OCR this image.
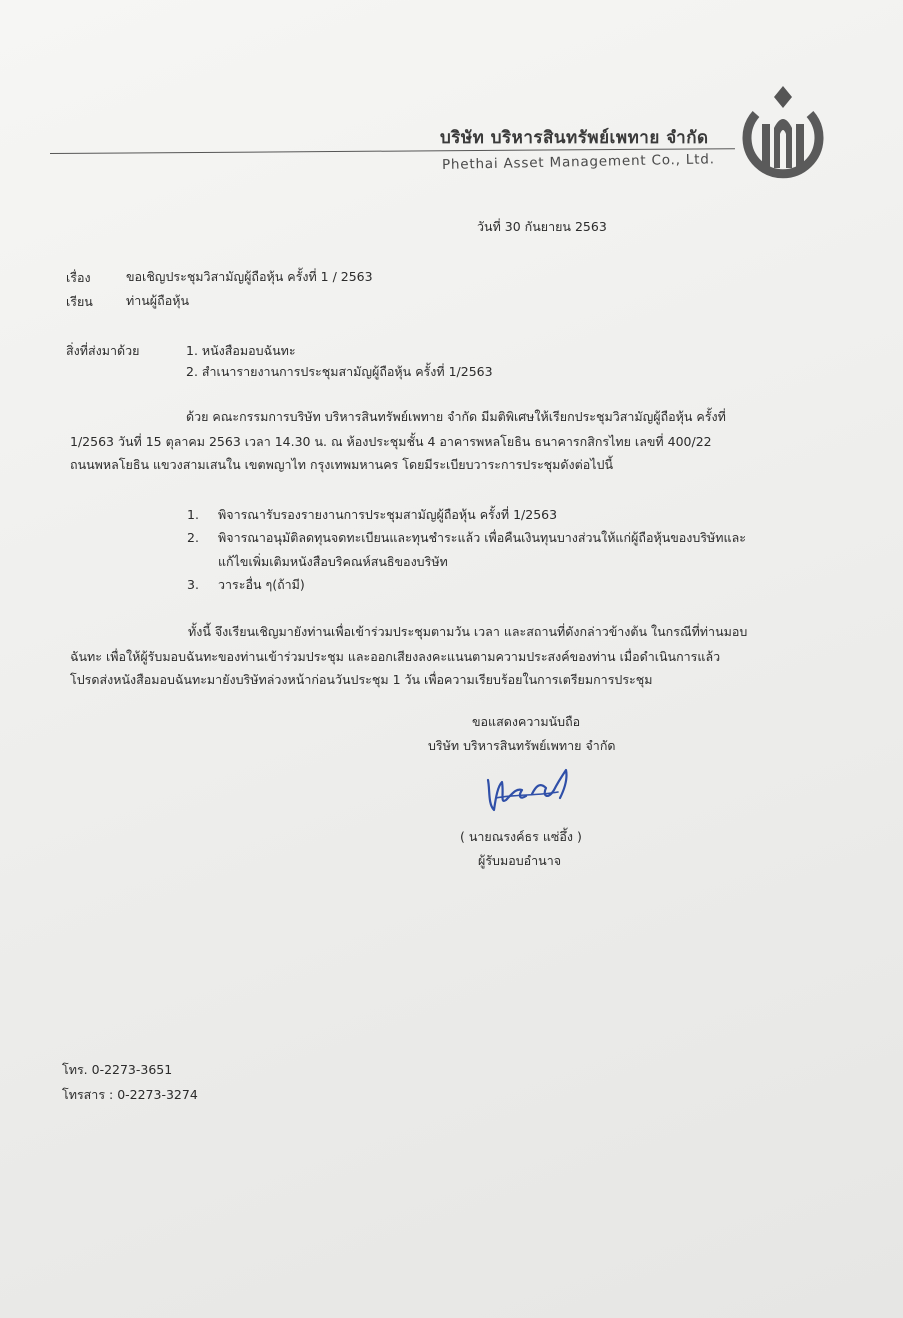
บริษัท บริหารสินทรัพย์เพทาย จำกัด
Phethai Asset Management Co., Ltd.
วันที่ 30 กันยายน 2563
เรื่อง	ขอเชิญประชุมวิสามัญผู้ถือหุ้น ครั้งที่ 1 / 2563
เรียน	ท่านผู้ถือหุ้น
สิ่งที่ส่งมาด้วย	1. หนังสือมอบฉันทะ
2. สำเนารายงานการประชุมสามัญผู้ถือหุ้น ครั้งที่ 1/2563
ด้วย คณะกรรมการบริษัท บริหารสินทรัพย์เพทาย จำกัด มีมติพิเศษให้เรียกประชุมวิสามัญผู้ถือหุ้น ครั้งที่
1/2563 วันที่ 15 ตุลาคม 2563 เวลา 14.30 น. ณ ห้องประชุมชั้น 4 อาคารพหลโยธิน ธนาคารกสิกรไทย เลขที่ 400/22
ถนนพหลโยธิน แขวงสามเสนใน เขตพญาไท กรุงเทพมหานคร โดยมีระเบียบวาระการประชุมดังต่อไปนี้
1. พิจารณารับรองรายงานการประชุมสามัญผู้ถือหุ้น ครั้งที่ 1/2563
2. พิจารณาอนุมัติลดทุนจดทะเบียนและทุนชำระแล้ว เพื่อคืนเงินทุนบางส่วนให้แก่ผู้ถือหุ้นของบริษัทและ
แก้ไขเพิ่มเติมหนังสือบริคณห์สนธิของบริษัท
3. วาระอื่น ๆ(ถ้ามี)
ทั้งนี้ จึงเรียนเชิญมายังท่านเพื่อเข้าร่วมประชุมตามวัน เวลา และสถานที่ดังกล่าวข้างต้น ในกรณีที่ท่านมอบ
ฉันทะ เพื่อให้ผู้รับมอบฉันทะของท่านเข้าร่วมประชุม และออกเสียงลงคะแนนตามความประสงค์ของท่าน เมื่อดำเนินการแล้ว
โปรดส่งหนังสือมอบฉันทะมายังบริษัทล่วงหน้าก่อนวันประชุม 1 วัน เพื่อความเรียบร้อยในการเตรียมการประชุม
ขอแสดงความนับถือ
บริษัท บริหารสินทรัพย์เพทาย จำกัด
( นายณรงค์ธร แซ่อึ้ง )
ผู้รับมอบอำนาจ
โทร. 0-2273-3651
โทรสาร : 0-2273-3274
